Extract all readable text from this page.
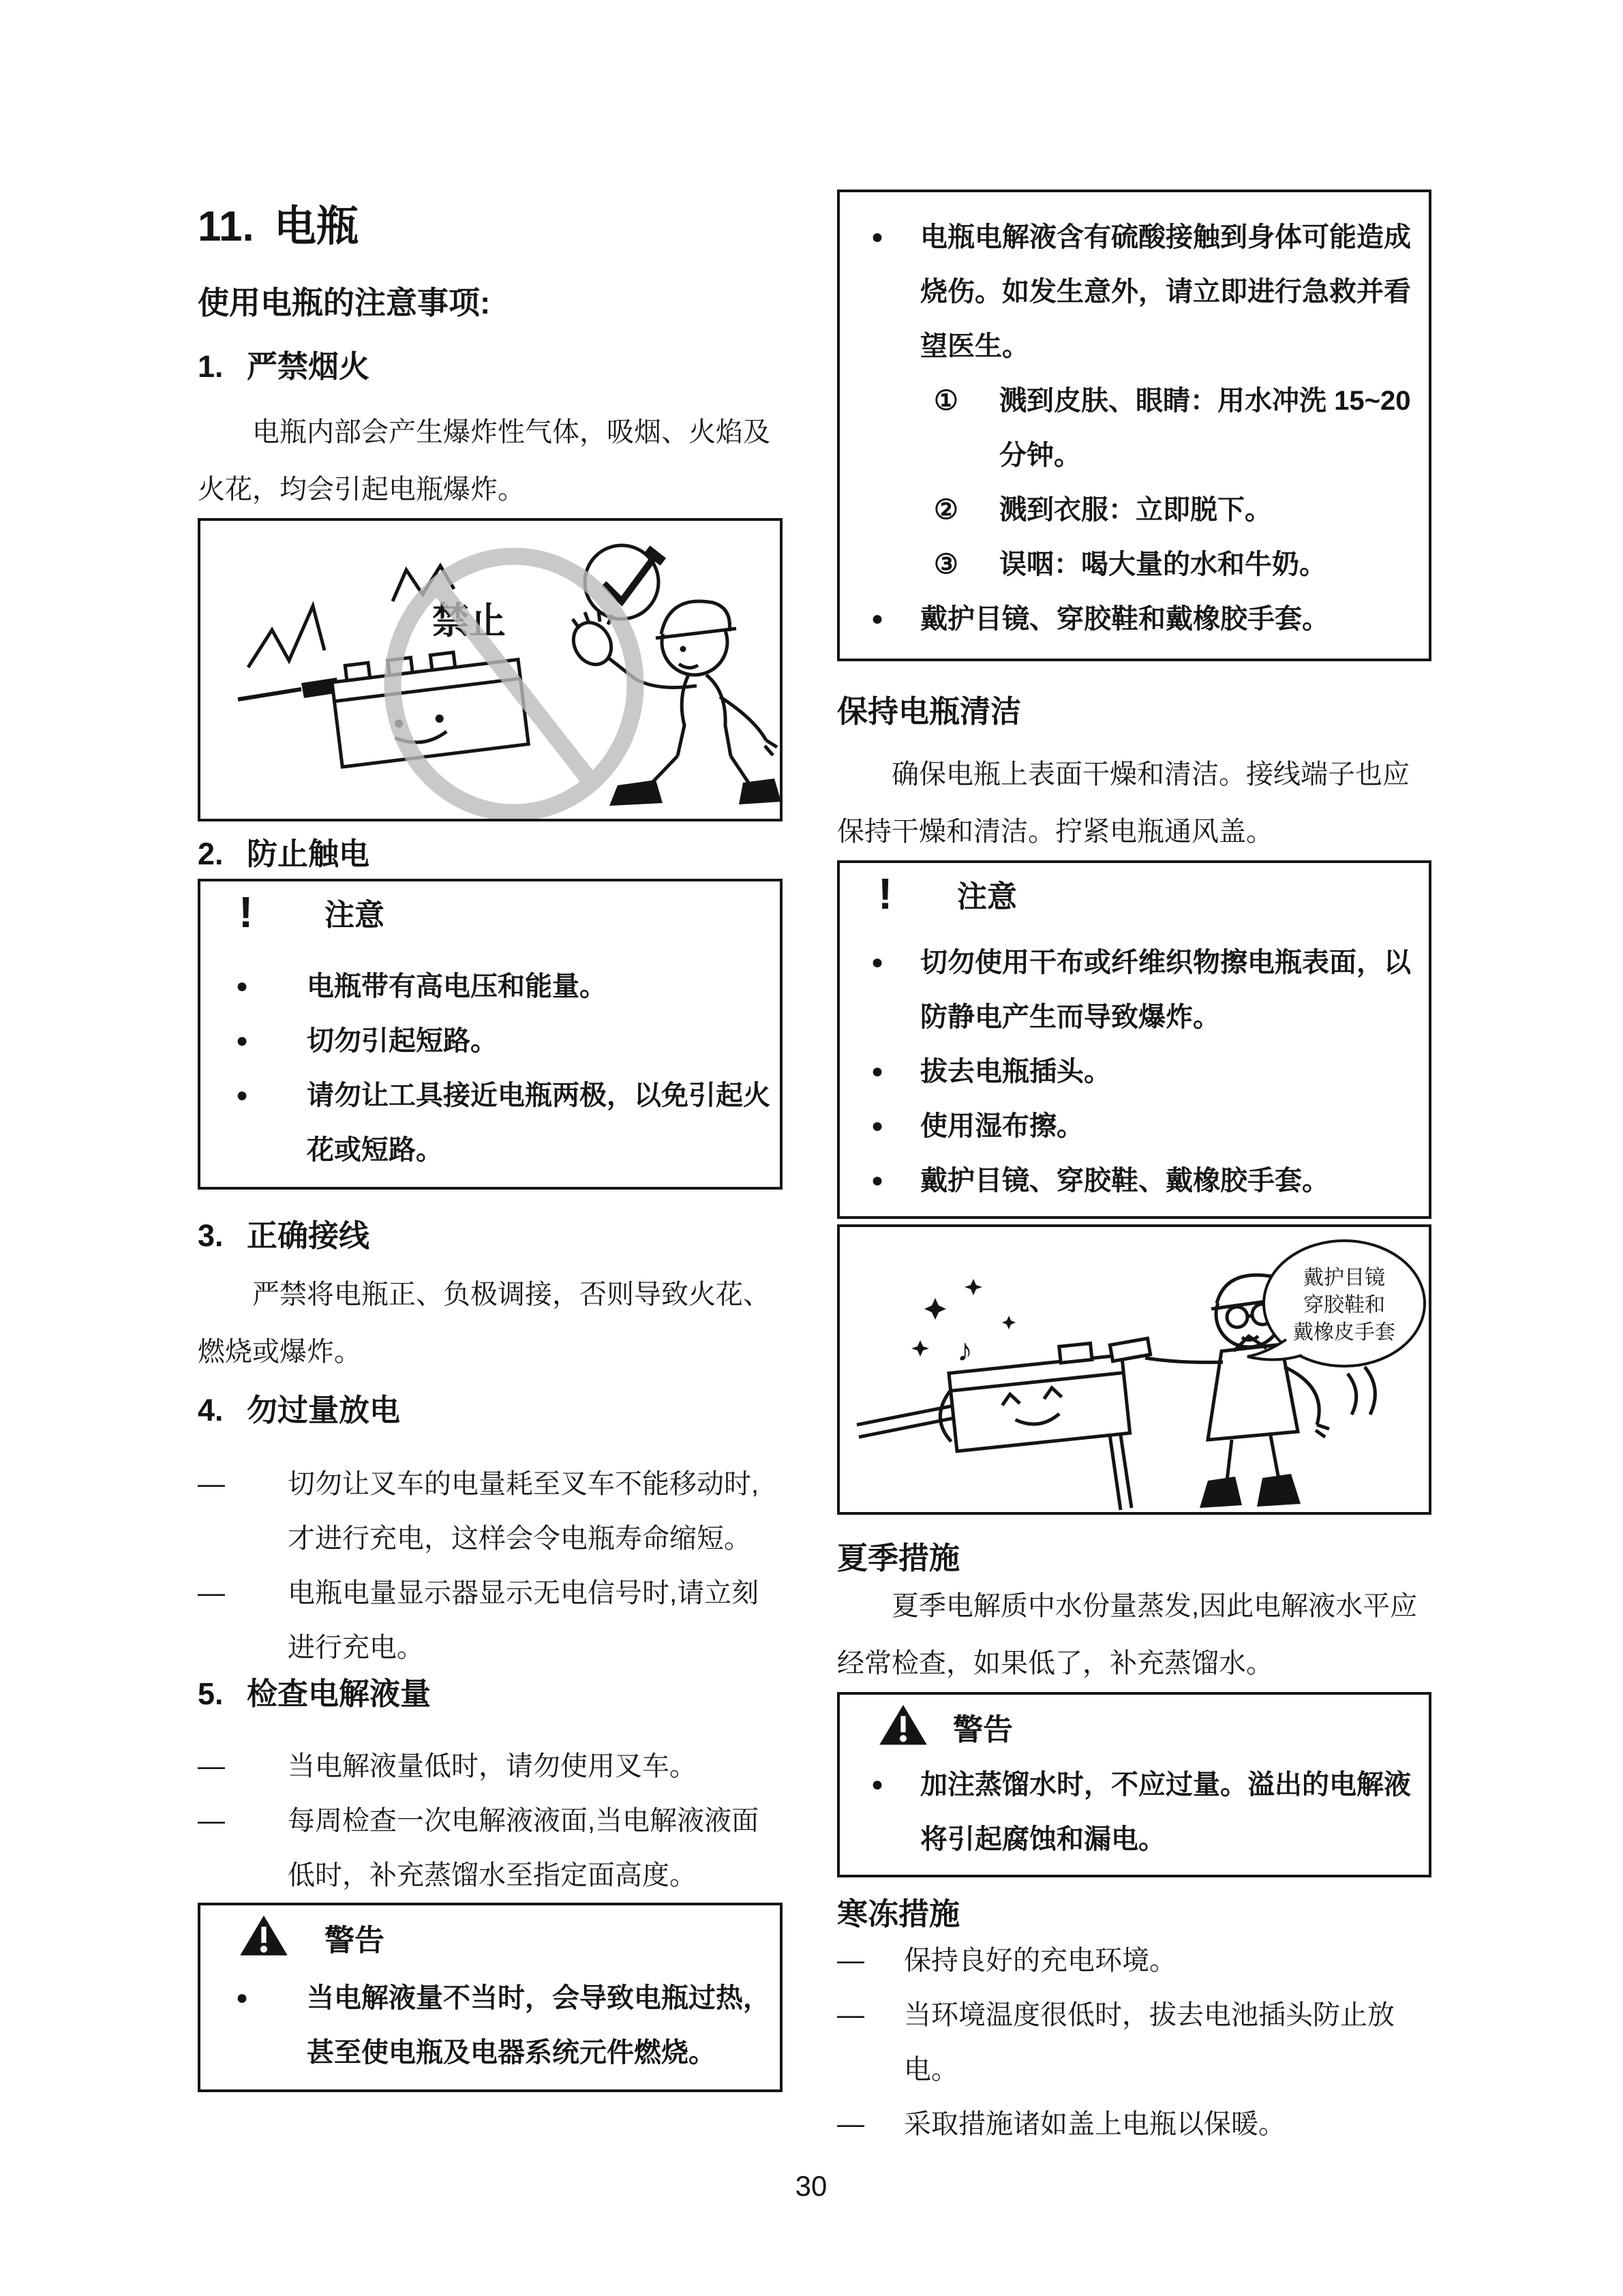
11. 电瓶
使用电瓶的注意事项:
1. 严禁烟火

电瓶内部会产生爆炸性气体，吸烟、火焰及火花，均会引起电瓶爆炸。

禁止
2. 防止触电
!	注意
●	电瓶带有高电压和能量。
●	切勿引起短路。
●	请勿让工具接近电瓶两极，以免引起火花或短路。
3. 正确接线

严禁将电瓶正、负极调接，否则导致火花、燃烧或爆炸。

4. 勿过量放电
—	切勿让叉车的电量耗至叉车不能移动时,才进行充电，这样会令电瓶寿命缩短。
—	电瓶电量显示器显示无电信号时,请立刻进行充电。
5. 检查电解液量
—	当电解液量低时，请勿使用叉车。
—	每周检查一次电解液液面,当电解液液面低时，补充蒸馏水至指定面高度。
警告
●	当电解液量不当时，会导致电瓶过热，甚至使电瓶及电器系统元件燃烧。
●	电瓶电解液含有硫酸接触到身体可能造成烧伤。如发生意外，请立即进行急救并看望医生。
①	溅到皮肤、眼睛：用水冲洗 15~20 分钟。
②	溅到衣服：立即脱下。
③	误咽：喝大量的水和牛奶。
●	戴护目镜、穿胶鞋和戴橡胶手套。
保持电瓶清洁

确保电瓶上表面干燥和清洁。接线端子也应保持干燥和清洁。拧紧电瓶通风盖。

!	注意
●	切勿使用干布或纤维织物擦电瓶表面，以防静电产生而导致爆炸。
●	拔去电瓶插头。
●	使用湿布擦。
●	戴护目镜、穿胶鞋、戴橡胶手套。
♪
戴护目镜
穿胶鞋和
戴橡皮手套
夏季措施

夏季电解质中水份量蒸发,因此电解液水平应经常检查，如果低了，补充蒸馏水。

警告
●	加注蒸馏水时，不应过量。溢出的电解液将引起腐蚀和漏电。
寒冻措施
—	保持良好的充电环境。
—	当环境温度很低时，拔去电池插头防止放电。
—	采取措施诸如盖上电瓶以保暖。
30
